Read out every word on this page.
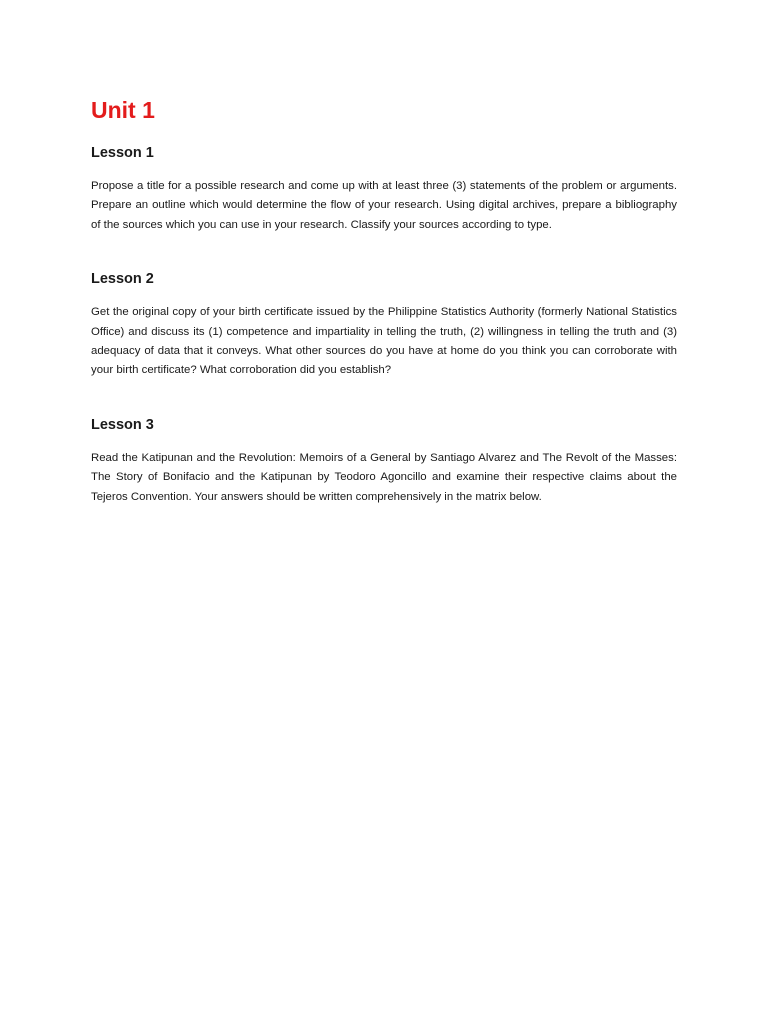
Unit 1
Lesson 1

Propose a title for a possible research and come up with at least three (3) statements of the problem or arguments. Prepare an outline which would determine the flow of your research. Using digital archives, prepare a bibliography of the sources which you can use in your research. Classify your sources according to type.

Lesson 2

Get the original copy of your birth certificate issued by the Philippine Statistics Authority (formerly National Statistics Office) and discuss its (1) competence and impartiality in telling the truth, (2) willingness in telling the truth and (3) adequacy of data that it conveys. What other sources do you have at home do you think you can corroborate with your birth certificate? What corroboration did you establish?

Lesson 3

Read the Katipunan and the Revolution: Memoirs of a General by Santiago Alvarez and The Revolt of the Masses: The Story of Bonifacio and the Katipunan by Teodoro Agoncillo and examine their respective claims about the Tejeros Convention. Your answers should be written comprehensively in the matrix below.
